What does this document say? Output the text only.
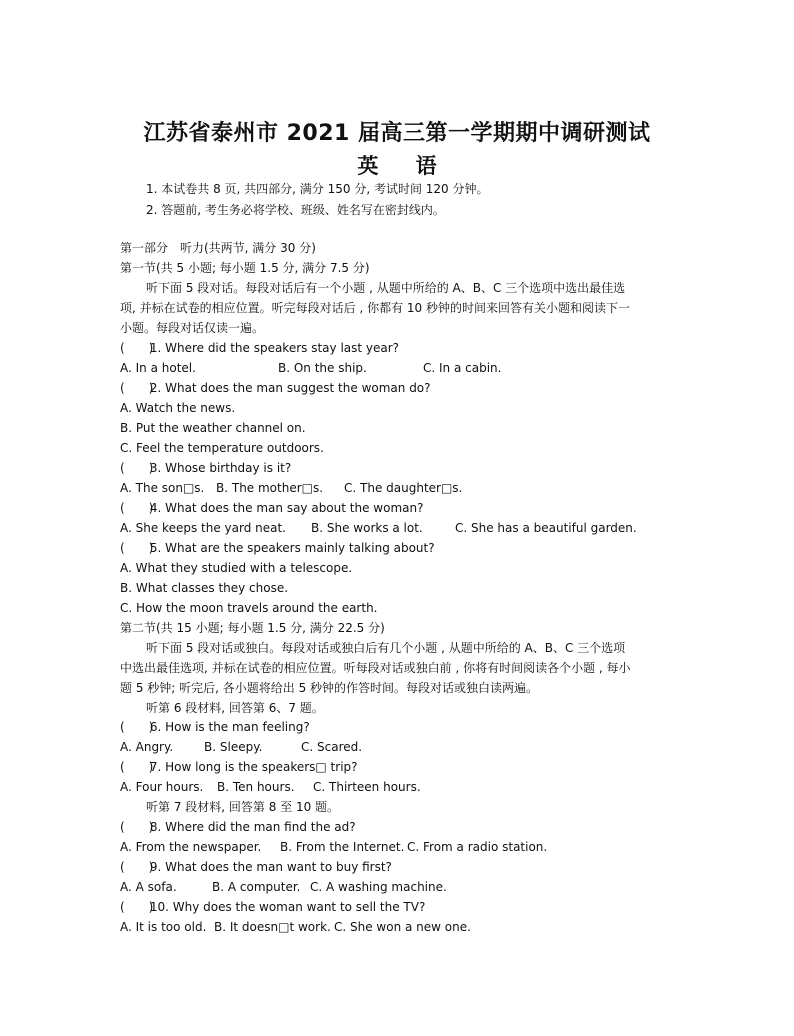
江苏省泰州市 2021 届高三第一学期期中调研测试
英 语
1. 本试卷共 8 页, 共四部分, 满分 150 分, 考试时间 120 分钟。
2. 答题前, 考生务必将学校、班级、姓名写在密封线内。
第一部分　听力(共两节, 满分 30 分)
第一节(共 5 小题; 每小题 1.5 分, 满分 7.5 分)
听下面 5 段对话。每段对话后有一个小题 , 从题中所给的 A、B、C 三个选项中选出最佳选
项, 并标在试卷的相应位置。听完每段对话后 , 你都有 10 秒钟的时间来回答有关小题和阅读下一
小题。每段对话仅读一遍。
(　　) 1. Where did the speakers stay last year?
A. In a hotel.	B. On the ship.	C. In a cabin.
(　　) 2. What does the man suggest the woman do?
A. Watch the news.
B. Put the weather channel on.
C. Feel the temperature outdoors.
(　　) 3. Whose birthday is it?
A. The son□s. B. The mother□s. C. The daughter□s.
(　　) 4. What does the man say about the woman?
A. She keeps the yard neat. B. She works a lot.	C. She has a beautiful garden.
(　　) 5. What are the speakers mainly talking about?
A. What they studied with a telescope.
B. What classes they chose.
C. How the moon travels around the earth.
第二节(共 15 小题; 每小题 1.5 分, 满分 22.5 分)
听下面 5 段对话或独白。每段对话或独白后有几个小题 , 从题中所给的 A、B、C 三个选项
中选出最佳选项, 并标在试卷的相应位置。听每段对话或独白前 , 你将有时间阅读各个小题 , 每小
题 5 秒钟; 听完后, 各小题将给出 5 秒钟的作答时间。每段对话或独白读两遍。
听第 6 段材料, 回答第 6、7 题。
(　　) 6. How is the man feeling?
A. Angry.	B. Sleepy.	C. Scared.
(　　) 7. How long is the speakers□ trip?
A. Four hours. B. Ten hours. C. Thirteen hours.
听第 7 段材料, 回答第 8 至 10 题。
(　　) 8. Where did the man find the ad?
A. From the newspaper. B. From the Internet. C. From a radio station.
(　　) 9. What does the man want to buy first?
A. A sofa.	B. A computer. C. A washing machine.
(　　) 10. Why does the woman want to sell the TV?
A. It is too old. B. It doesn□t work. C. She won a new one.
